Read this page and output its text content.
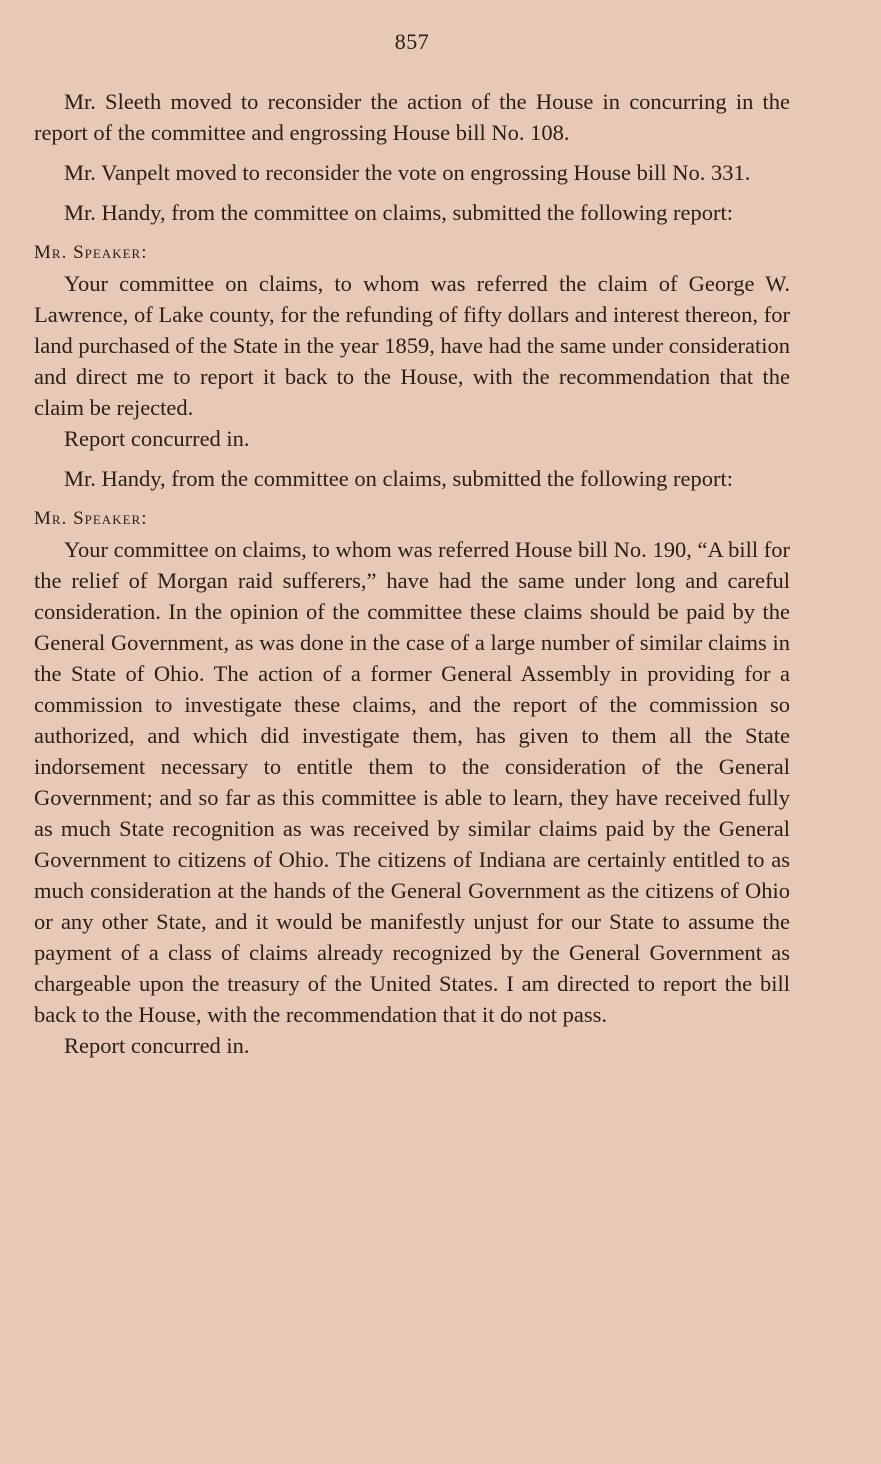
857

Mr. Sleeth moved to reconsider the action of the House in concurring in the report of the committee and engrossing House bill No. 108.

Mr. Vanpelt moved to reconsider the vote on engrossing House bill No. 331.

Mr. Handy, from the committee on claims, submitted the following report:

Mr. Speaker:

Your committee on claims, to whom was referred the claim of George W. Lawrence, of Lake county, for the refunding of fifty dollars and interest thereon, for land purchased of the State in the year 1859, have had the same under consideration and direct me to report it back to the House, with the recommendation that the claim be rejected.

Report concurred in.

Mr. Handy, from the committee on claims, submitted the following report:

Mr. Speaker:

Your committee on claims, to whom was referred House bill No. 190, “A bill for the relief of Morgan raid sufferers,” have had the same under long and careful consideration. In the opinion of the committee these claims should be paid by the General Government, as was done in the case of a large number of similar claims in the State of Ohio. The action of a former General Assembly in providing for a commission to investigate these claims, and the report of the commission so authorized, and which did investigate them, has given to them all the State indorsement necessary to entitle them to the consideration of the General Government; and so far as this committee is able to learn, they have received fully as much State recognition as was received by similar claims paid by the General Government to citizens of Ohio. The citizens of Indiana are certainly entitled to as much consideration at the hands of the General Government as the citizens of Ohio or any other State, and it would be manifestly unjust for our State to assume the payment of a class of claims already recognized by the General Government as chargeable upon the treasury of the United States. I am directed to report the bill back to the House, with the recommendation that it do not pass.

Report concurred in.
